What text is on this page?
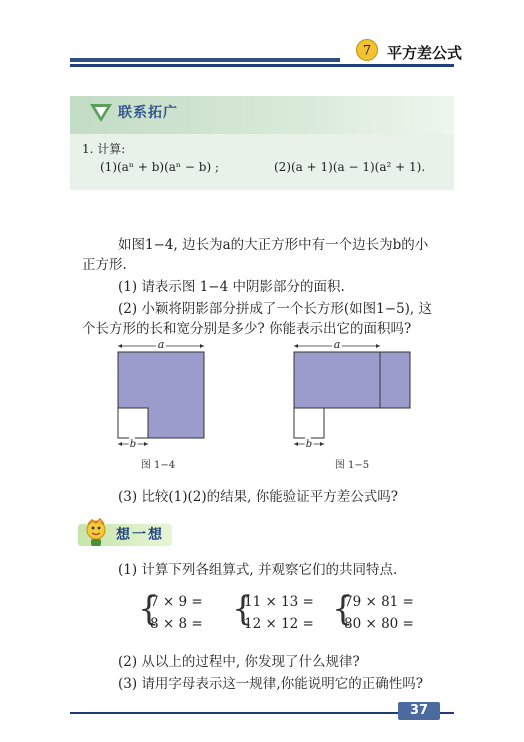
7 平方差公式
联系拓广
1. 计算:
(1)(aⁿ + b)(aⁿ − b) ;	(2)(a + 1)(a − 1)(a² + 1).
如图1−4, 边长为a的大正方形中有一个边长为b的小
正方形.
(1) 请表示图 1−4 中阴影部分的面积.
(2) 小颖将阴影部分拼成了一个长方形(如图1−5), 这
个长方形的长和宽分别是多少? 你能表示出它的面积吗?
a
b
图 1−4
a
b
图 1−5
(3) 比较(1)(2)的结果, 你能验证平方差公式吗?
想一想
(1) 计算下列各组算式, 并观察它们的共同特点.
{
7 × 9 =
8 × 8 = {
11 × 13 =
12 × 12 = {
79 × 81 =
80 × 80 =
(2) 从以上的过程中, 你发现了什么规律?
(3) 请用字母表示这一规律,你能说明它的正确性吗?
37
